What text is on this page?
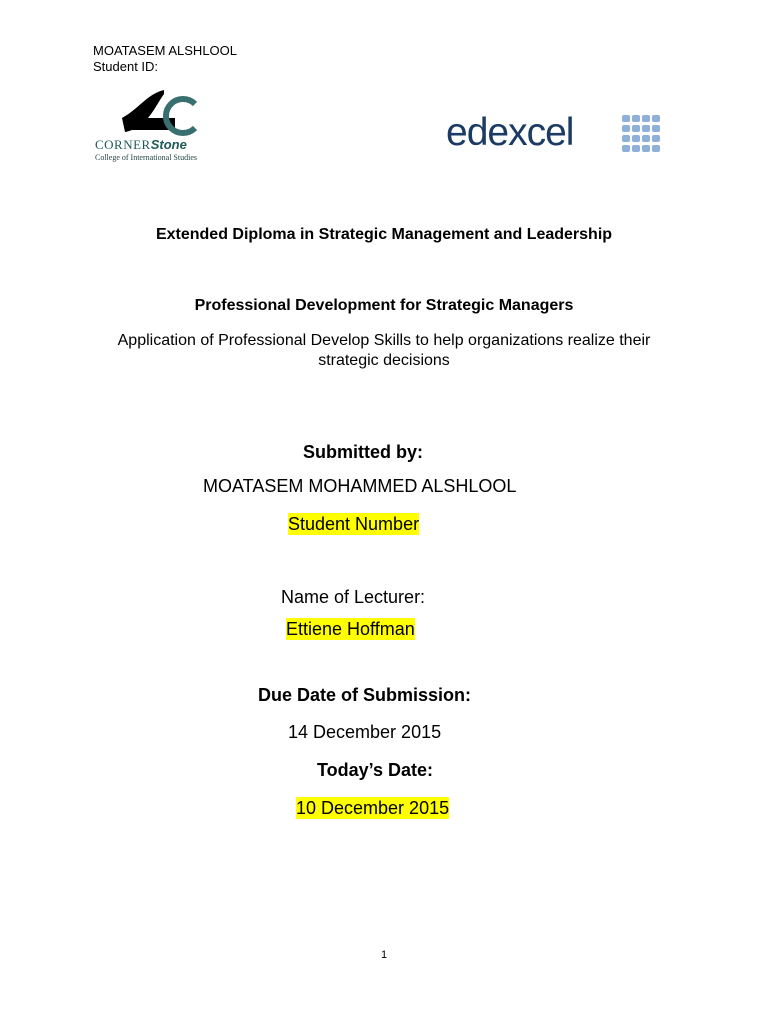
MOATASEM ALSHLOOL
Student ID:
CORNERStone
College of International Studies
edexcel
Extended Diploma in Strategic Management and Leadership
Professional Development for Strategic Managers
Application of Professional Develop Skills to help organizations realize their strategic decisions
Submitted by:
MOATASEM MOHAMMED ALSHLOOL
Student Number
Name of Lecturer:
Ettiene Hoffman
Due Date of Submission:
14 December 2015
Today’s Date:
10 December 2015
1
